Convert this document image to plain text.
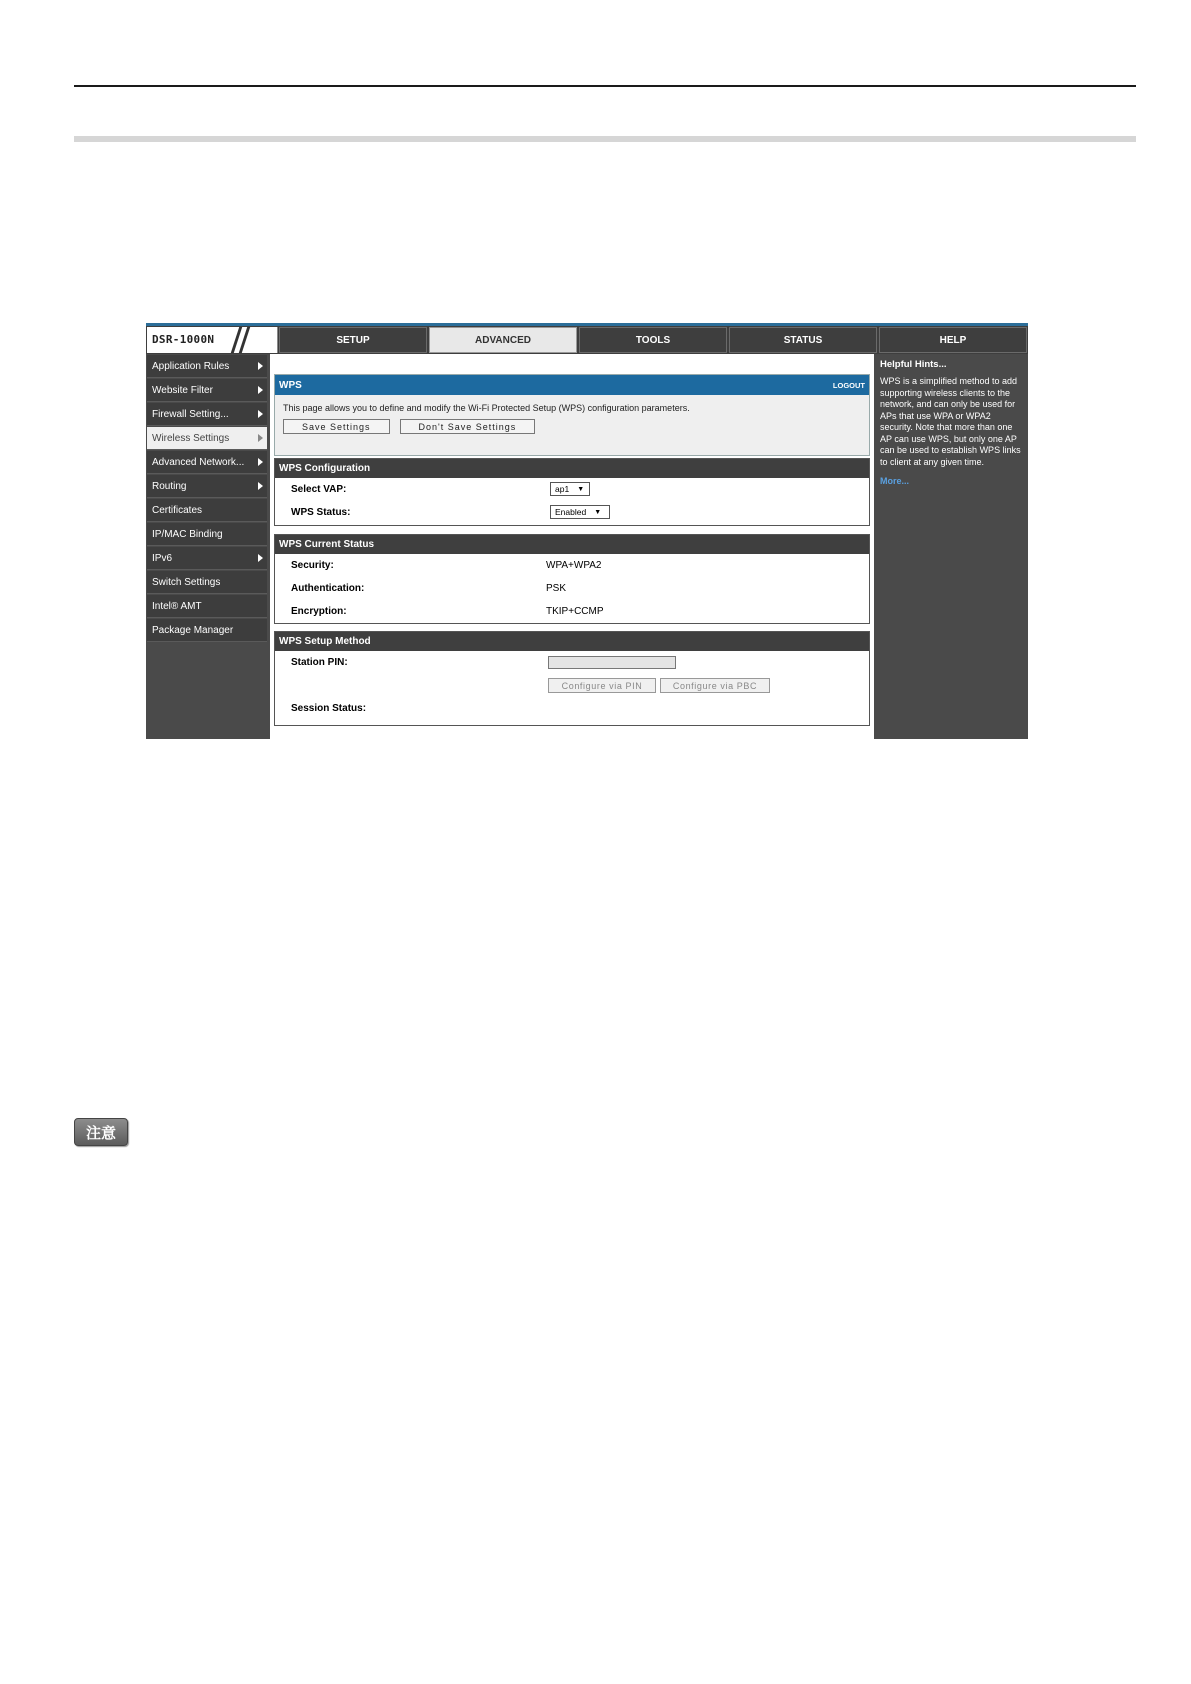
DSR-1000N	SETUP	ADVANCED	TOOLS	STATUS	HELP
Application Rules
Website Filter
Firewall Setting...
Wireless Settings
Advanced Network...
Routing
Certificates
IP/MAC Binding
IPv6
Switch Settings
Intel® AMT
Package Manager
WPS	LOGOUT
This page allows you to define and modify the Wi-Fi Protected Setup (WPS) configuration parameters.
Save Settings	Don't Save Settings
WPS Configuration
Select VAP:	ap1 ▼
WPS Status:	Enabled ▼
WPS Current Status
Security:	WPA+WPA2
Authentication:	PSK
Encryption:	TKIP+CCMP
WPS Setup Method
Station PIN:
Configure via PIN	Configure via PBC
Session Status:
Helpful Hints...
WPS is a simplified method to add supporting wireless clients to the network, and can only be used for APs that use WPA or WPA2 security. Note that more than one AP can use WPS, but only one AP can be used to establish WPS links to client at any given time.
More...
注意
